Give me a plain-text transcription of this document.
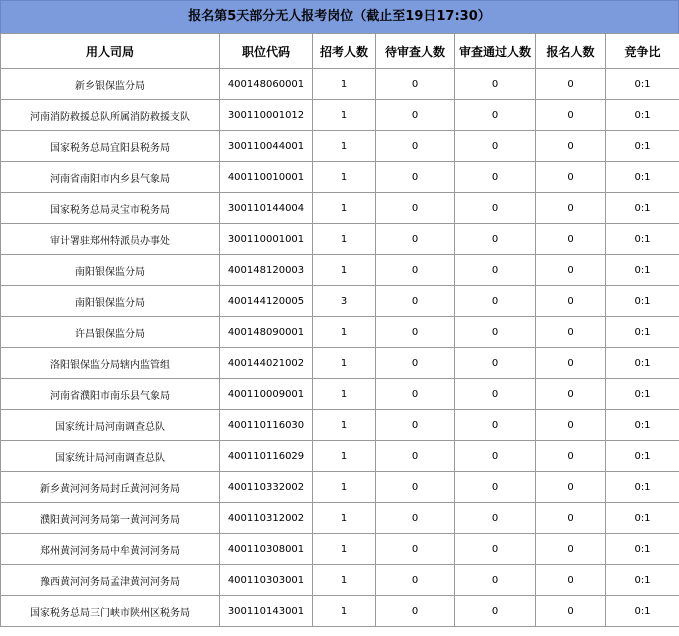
报名第5天部分无人报考岗位（截止至19日17:30）
用人司局	职位代码	招考人数	待审查人数	审查通过人数	报名人数	竞争比
新乡银保监分局	400148060001	1	0	0	0	0:1
河南消防救援总队所属消防救援支队	300110001012	1	0	0	0	0:1
国家税务总局宜阳县税务局	300110044001	1	0	0	0	0:1
河南省南阳市内乡县气象局	400110010001	1	0	0	0	0:1
国家税务总局灵宝市税务局	300110144004	1	0	0	0	0:1
审计署驻郑州特派员办事处	300110001001	1	0	0	0	0:1
南阳银保监分局	400148120003	1	0	0	0	0:1
南阳银保监分局	400144120005	3	0	0	0	0:1
许昌银保监分局	400148090001	1	0	0	0	0:1
洛阳银保监分局辖内监管组	400144021002	1	0	0	0	0:1
河南省濮阳市南乐县气象局	400110009001	1	0	0	0	0:1
国家统计局河南调查总队	400110116030	1	0	0	0	0:1
国家统计局河南调查总队	400110116029	1	0	0	0	0:1
新乡黄河河务局封丘黄河河务局	400110332002	1	0	0	0	0:1
濮阳黄河河务局第一黄河河务局	400110312002	1	0	0	0	0:1
郑州黄河河务局中牟黄河河务局	400110308001	1	0	0	0	0:1
豫西黄河河务局孟津黄河河务局	400110303001	1	0	0	0	0:1
国家税务总局三门峡市陕州区税务局	300110143001	1	0	0	0	0:1
